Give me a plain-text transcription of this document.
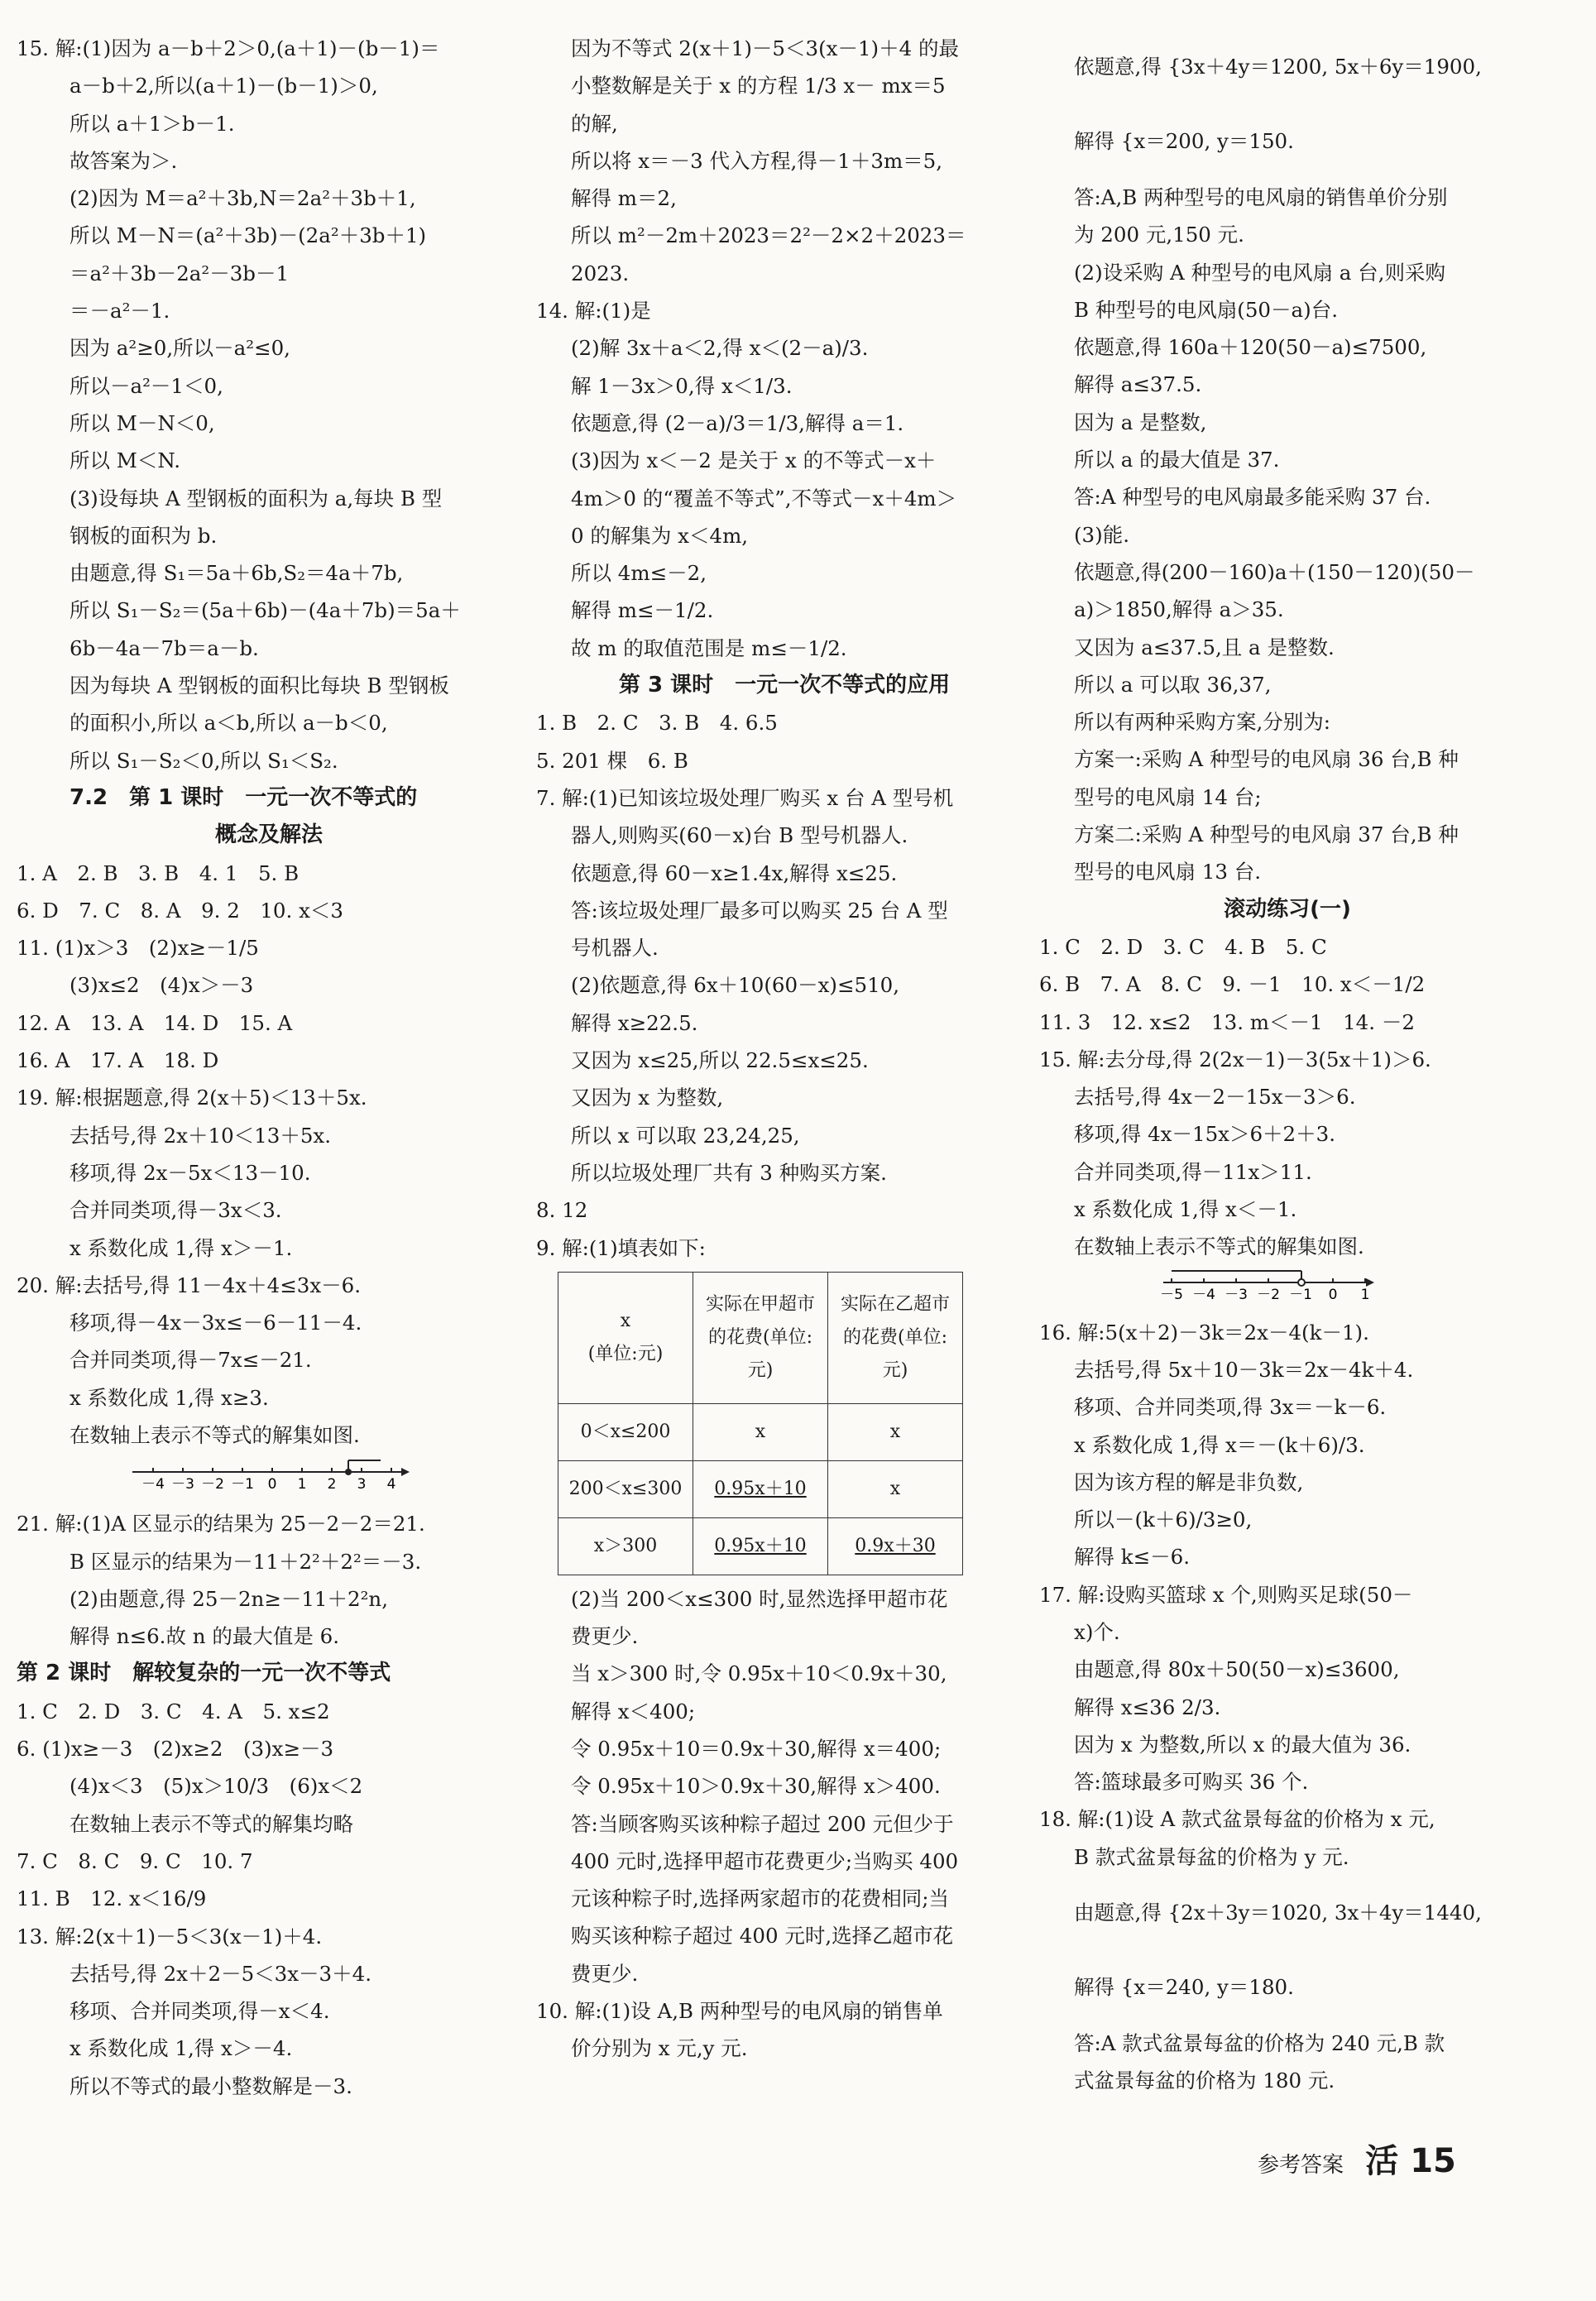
15. 解:(1)因为 a－b＋2＞0,(a＋1)－(b－1)＝
a－b＋2,所以(a＋1)－(b－1)＞0,
所以 a＋1＞b－1.
故答案为＞.
(2)因为 M＝a²＋3b,N＝2a²＋3b＋1,
所以 M－N＝(a²＋3b)－(2a²＋3b＋1)
＝a²＋3b－2a²－3b－1
＝－a²－1.
因为 a²≥0,所以－a²≤0,
所以－a²－1＜0,
所以 M－N＜0,
所以 M＜N.
(3)设每块 A 型钢板的面积为 a,每块 B 型
钢板的面积为 b.
由题意,得 S₁＝5a＋6b,S₂＝4a＋7b,
所以 S₁－S₂＝(5a＋6b)－(4a＋7b)＝5a＋
6b－4a－7b＝a－b.
因为每块 A 型钢板的面积比每块 B 型钢板
的面积小,所以 a＜b,所以 a－b＜0,
所以 S₁－S₂＜0,所以 S₁＜S₂.
7.2　第 1 课时　一元一次不等式的
概念及解法
1. A　2. B　3. B　4. 1　5. B
6. D　7. C　8. A　9. 2　10. x＜3
11. (1)x＞3　(2)x≥－1/5
(3)x≤2　(4)x＞－3
12. A　13. A　14. D　15. A
16. A　17. A　18. D
19. 解:根据题意,得 2(x＋5)＜13＋5x.
去括号,得 2x＋10＜13＋5x.
移项,得 2x－5x＜13－10.
合并同类项,得－3x＜3.
x 系数化成 1,得 x＞－1.
20. 解:去括号,得 11－4x＋4≤3x－6.
移项,得－4x－3x≤－6－11－4.
合并同类项,得－7x≤－21.
x 系数化成 1,得 x≥3.
在数轴上表示不等式的解集如图.
－4 －3 －2 －1 0 1 2 3 4
21. 解:(1)A 区显示的结果为 25－2－2＝21.
B 区显示的结果为－11＋2²＋2²＝－3.
(2)由题意,得 25－2n≥－11＋2²n,
解得 n≤6.故 n 的最大值是 6.
第 2 课时　解较复杂的一元一次不等式
1. C　2. D　3. C　4. A　5. x≤2
6. (1)x≥－3　(2)x≥2　(3)x≥－3
(4)x＜3　(5)x＞10/3　(6)x＜2
在数轴上表示不等式的解集均略
7. C　8. C　9. C　10. 7
11. B　12. x＜16/9
13. 解:2(x＋1)－5＜3(x－1)＋4.
去括号,得 2x＋2－5＜3x－3＋4.
移项、合并同类项,得－x＜4.
x 系数化成 1,得 x＞－4.
所以不等式的最小整数解是－3.
因为不等式 2(x＋1)－5＜3(x－1)＋4 的最
小整数解是关于 x 的方程 1/3 x－ mx＝5
的解,
所以将 x＝－3 代入方程,得－1＋3m＝5,
解得 m＝2,
所以 m²－2m＋2023＝2²－2×2＋2023＝
2023.
14. 解:(1)是
(2)解 3x＋a＜2,得 x＜(2－a)/3.
解 1－3x＞0,得 x＜1/3.
依题意,得 (2－a)/3＝1/3,解得 a＝1.
(3)因为 x＜－2 是关于 x 的不等式－x＋
4m＞0 的“覆盖不等式”,不等式－x＋4m＞
0 的解集为 x＜4m,
所以 4m≤－2,
解得 m≤－1/2.
故 m 的取值范围是 m≤－1/2.
第 3 课时　一元一次不等式的应用
1. B　2. C　3. B　4. 6.5
5. 201 棵　6. B
7. 解:(1)已知该垃圾处理厂购买 x 台 A 型号机
器人,则购买(60－x)台 B 型号机器人.
依题意,得 60－x≥1.4x,解得 x≤25.
答:该垃圾处理厂最多可以购买 25 台 A 型
号机器人.
(2)依题意,得 6x＋10(60－x)≤510,
解得 x≥22.5.
又因为 x≤25,所以 22.5≤x≤25.
又因为 x 为整数,
所以 x 可以取 23,24,25,
所以垃圾处理厂共有 3 种购买方案.
8. 12
9. 解:(1)填表如下:
x
(单位:元)	实际在甲超市的花费(单位:元)	实际在乙超市的花费(单位:元)
0＜x≤200	x	x
200＜x≤300	0.95x＋10	x
x＞300	0.95x＋10	0.9x＋30
(2)当 200＜x≤300 时,显然选择甲超市花
费更少.
当 x＞300 时,令 0.95x＋10＜0.9x＋30,
解得 x＜400;
令 0.95x＋10＝0.9x＋30,解得 x＝400;
令 0.95x＋10＞0.9x＋30,解得 x＞400.
答:当顾客购买该种粽子超过 200 元但少于
400 元时,选择甲超市花费更少;当购买 400
元该种粽子时,选择两家超市的花费相同;当
购买该种粽子超过 400 元时,选择乙超市花
费更少.
10. 解:(1)设 A,B 两种型号的电风扇的销售单
价分别为 x 元,y 元.
依题意,得 {3x＋4y＝1200, 5x＋6y＝1900,
解得 {x＝200, y＝150.
答:A,B 两种型号的电风扇的销售单价分别
为 200 元,150 元.
(2)设采购 A 种型号的电风扇 a 台,则采购
B 种型号的电风扇(50－a)台.
依题意,得 160a＋120(50－a)≤7500,
解得 a≤37.5.
因为 a 是整数,
所以 a 的最大值是 37.
答:A 种型号的电风扇最多能采购 37 台.
(3)能.
依题意,得(200－160)a＋(150－120)(50－
a)＞1850,解得 a＞35.
又因为 a≤37.5,且 a 是整数.
所以 a 可以取 36,37,
所以有两种采购方案,分别为:
方案一:采购 A 种型号的电风扇 36 台,B 种
型号的电风扇 14 台;
方案二:采购 A 种型号的电风扇 37 台,B 种
型号的电风扇 13 台.
滚动练习(一)
1. C　2. D　3. C　4. B　5. C
6. B　7. A　8. C　9. －1　10. x＜－1/2
11. 3　12. x≤2　13. m＜－1　14. －2
15. 解:去分母,得 2(2x－1)－3(5x＋1)＞6.
去括号,得 4x－2－15x－3＞6.
移项,得 4x－15x＞6＋2＋3.
合并同类项,得－11x＞11.
x 系数化成 1,得 x＜－1.
在数轴上表示不等式的解集如图.
－5 －4 －3 －2 －1 0 1
16. 解:5(x＋2)－3k＝2x－4(k－1).
去括号,得 5x＋10－3k＝2x－4k＋4.
移项、合并同类项,得 3x＝－k－6.
x 系数化成 1,得 x＝－(k＋6)/3.
因为该方程的解是非负数,
所以－(k＋6)/3≥0,
解得 k≤－6.
17. 解:设购买篮球 x 个,则购买足球(50－
x)个.
由题意,得 80x＋50(50－x)≤3600,
解得 x≤36 2/3.
因为 x 为整数,所以 x 的最大值为 36.
答:篮球最多可购买 36 个.
18. 解:(1)设 A 款式盆景每盆的价格为 x 元,
B 款式盆景每盆的价格为 y 元.
由题意,得 {2x＋3y＝1020, 3x＋4y＝1440,
解得 {x＝240, y＝180.
答:A 款式盆景每盆的价格为 240 元,B 款
式盆景每盆的价格为 180 元.
参考答案 活 15
